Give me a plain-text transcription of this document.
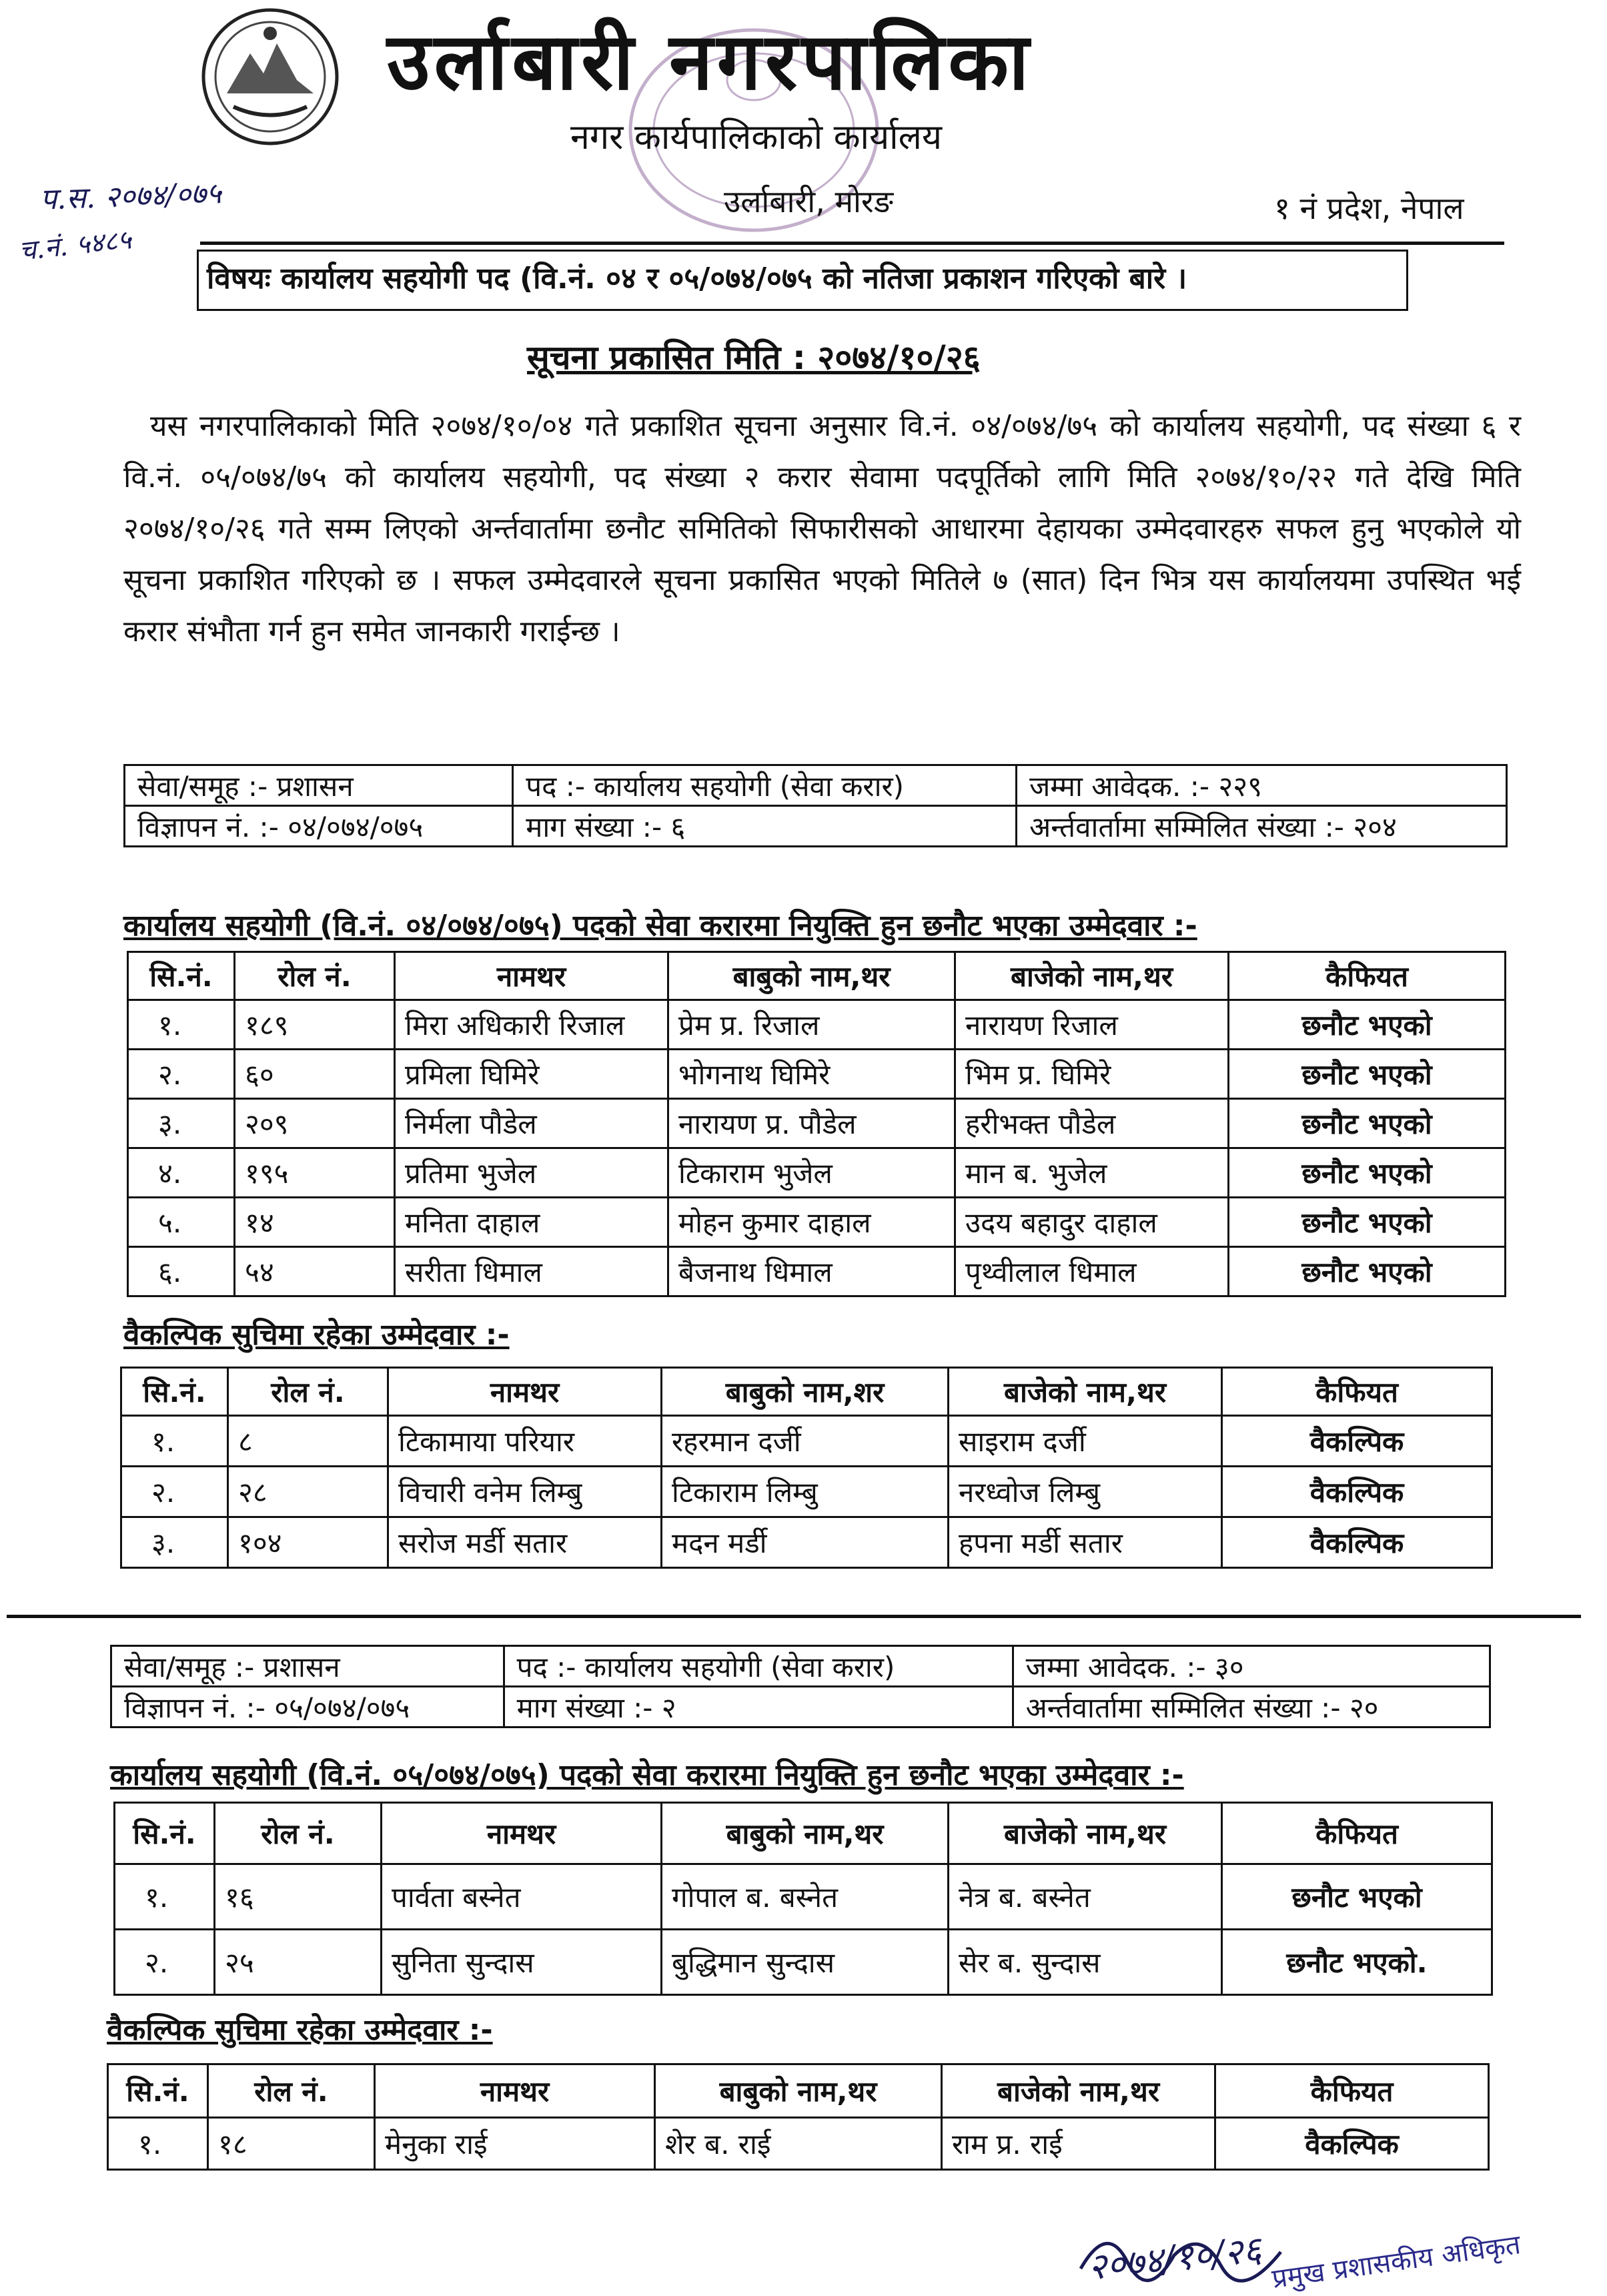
उर्लाबारी नगरपालिका
नगर कार्यपालिकाको कार्यालय
उर्लाबारी, मोरङ	१ नं प्रदेश, नेपाल
प.स. २०७४/०७५
च.नं. ५४८५
विषयः कार्यालय सहयोगी पद (वि.नं. ०४ र ०५/०७४/०७५ को नतिजा प्रकाशन गरिएको बारे ।
सूचना प्रकासित मिति : २०७४/१०/२६
यस नगरपालिकाको मिति २०७४/१०/०४ गते प्रकाशित सूचना अनुसार वि.नं. ०४/०७४/७५ को कार्यालय सहयोगी, पद संख्या ६ र वि.नं. ०५/०७४/७५ को कार्यालय सहयोगी, पद संख्या २ करार सेवामा पदपूर्तिको लागि मिति २०७४/१०/२२ गते देखि मिति २०७४/१०/२६ गते सम्म लिएको अर्न्तवार्तामा छनौट समितिको सिफारीसको आधारमा देहायका उम्मेदवारहरु सफल हुनु भएकोले यो सूचना प्रकाशित गरिएको छ । सफल उम्मेदवारले सूचना प्रकासित भएको मितिले ७ (सात) दिन भित्र यस कार्यालयमा उपस्थित भई करार संभौता गर्न हुन समेत जानकारी गराईन्छ ।
सेवा/समूह :- प्रशासन	पद :- कार्यालय सहयोगी (सेवा करार)	जम्मा आवेदक. :- २२९
विज्ञापन नं. :- ०४/०७४/०७५	माग संख्या :- ६	अर्न्तवार्तामा सम्मिलित संख्या :- २०४
कार्यालय सहयोगी (वि.नं. ०४/०७४/०७५) पदको सेवा करारमा नियुक्ति हुन छनौट भएका उम्मेदवार :-
सि.नं.	रोल नं.	नामथर	बाबुको नाम,थर	बाजेको नाम,थर	कैफियत
१.	१८९	मिरा अधिकारी रिजाल	प्रेम प्र. रिजाल	नारायण रिजाल	छनौट भएको
२.	६०	प्रमिला घिमिरे	भोगनाथ घिमिरे	भिम प्र. घिमिरे	छनौट भएको
३.	२०९	निर्मला पौडेल	नारायण प्र. पौडेल	हरीभक्त पौडेल	छनौट भएको
४.	१९५	प्रतिमा भुजेल	टिकाराम भुजेल	मान ब. भुजेल	छनौट भएको
५.	१४	मनिता दाहाल	मोहन कुमार दाहाल	उदय बहादुर दाहाल	छनौट भएको
६.	५४	सरीता धिमाल	बैजनाथ धिमाल	पृथ्वीलाल धिमाल	छनौट भएको
वैकल्पिक सुचिमा रहेका उम्मेदवार :-
सि.नं.	रोल नं.	नामथर	बाबुको नाम,शर	बाजेको नाम,थर	कैफियत
१.	८	टिकामाया परियार	रहरमान दर्जी	साइराम दर्जी	वैकल्पिक
२.	२८	विचारी वनेम लिम्बु	टिकाराम लिम्बु	नरध्वोज लिम्बु	वैकल्पिक
३.	१०४	सरोज मर्डी सतार	मदन मर्डी	हपना मर्डी सतार	वैकल्पिक
सेवा/समूह :- प्रशासन	पद :- कार्यालय सहयोगी (सेवा करार)	जम्मा आवेदक. :- ३०
विज्ञापन नं. :- ०५/०७४/०७५	माग संख्या :- २	अर्न्तवार्तामा सम्मिलित संख्या :- २०
कार्यालय सहयोगी (वि.नं. ०५/०७४/०७५) पदको सेवा करारमा नियुक्ति हुन छनौट भएका उम्मेदवार :-
सि.नं.	रोल नं.	नामथर	बाबुको नाम,थर	बाजेको नाम,थर	कैफियत
१.	१६	पार्वता बस्नेत	गोपाल ब. बस्नेत	नेत्र ब. बस्नेत	छनौट भएको
२.	२५	सुनिता सुन्दास	बुद्धिमान सुन्दास	सेर ब. सुन्दास	छनौट भएको.
वैकल्पिक सुचिमा रहेका उम्मेदवार :-
सि.नं.	रोल नं.	नामथर	बाबुको नाम,थर	बाजेको नाम,थर	कैफियत
१.	१८	मेनुका राई	शेर ब. राई	राम प्र. राई	वैकल्पिक
२०७४/१०/२६ प्रमुख प्रशासकीय अधिकृत
